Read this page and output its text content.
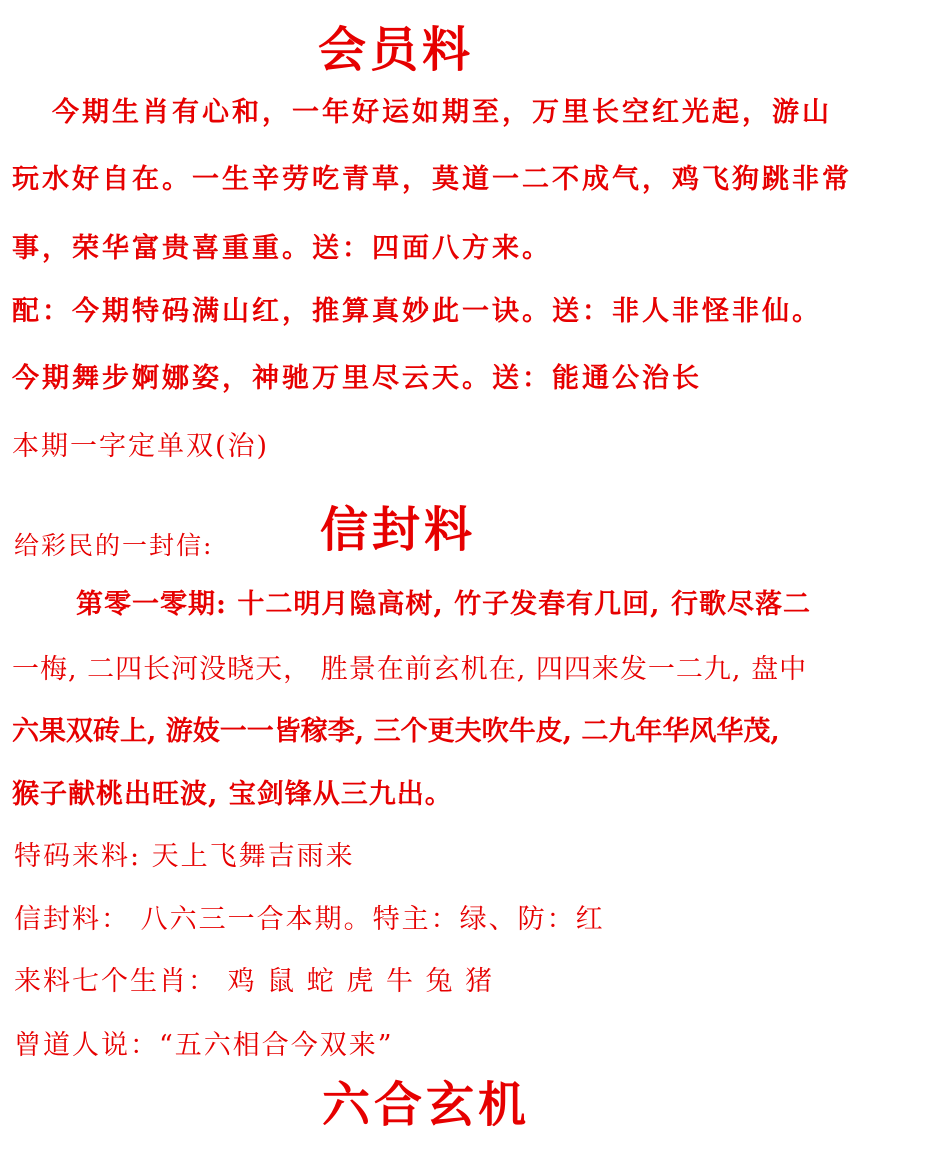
会员料
今期生肖有心和，一年好运如期至，万里长空红光起，游山
玩水好自在。一生辛劳吃青草，莫道一二不成气，鸡飞狗跳非常
事，荣华富贵喜重重。送：四面八方来。
配：今期特码满山红，推算真妙此一诀。送：非人非怪非仙。
今期舞步婀娜姿，神驰万里尽云天。送：能通公治长
本期一字定单双(治)
给彩民的一封信: 信封料
第零一零期: 十二明月隐高树, 竹子发春有几回, 行歌尽落二
一梅, 二四长河没晓天， 胜景在前玄机在, 四四来发一二九, 盘中
六果双砖上, 游妓一一皆稼李, 三个更夫吹牛皮, 二九年华风华茂,
猴子献桃出旺波, 宝剑锋从三九出。
特码来料: 天上飞舞吉雨来
信封料： 八六三一合本期。特主：绿、防：红
来料七个生肖： 鸡 鼠 蛇 虎 牛 兔 猪
曾道人说：“五六相合今双来”
六合玄机
